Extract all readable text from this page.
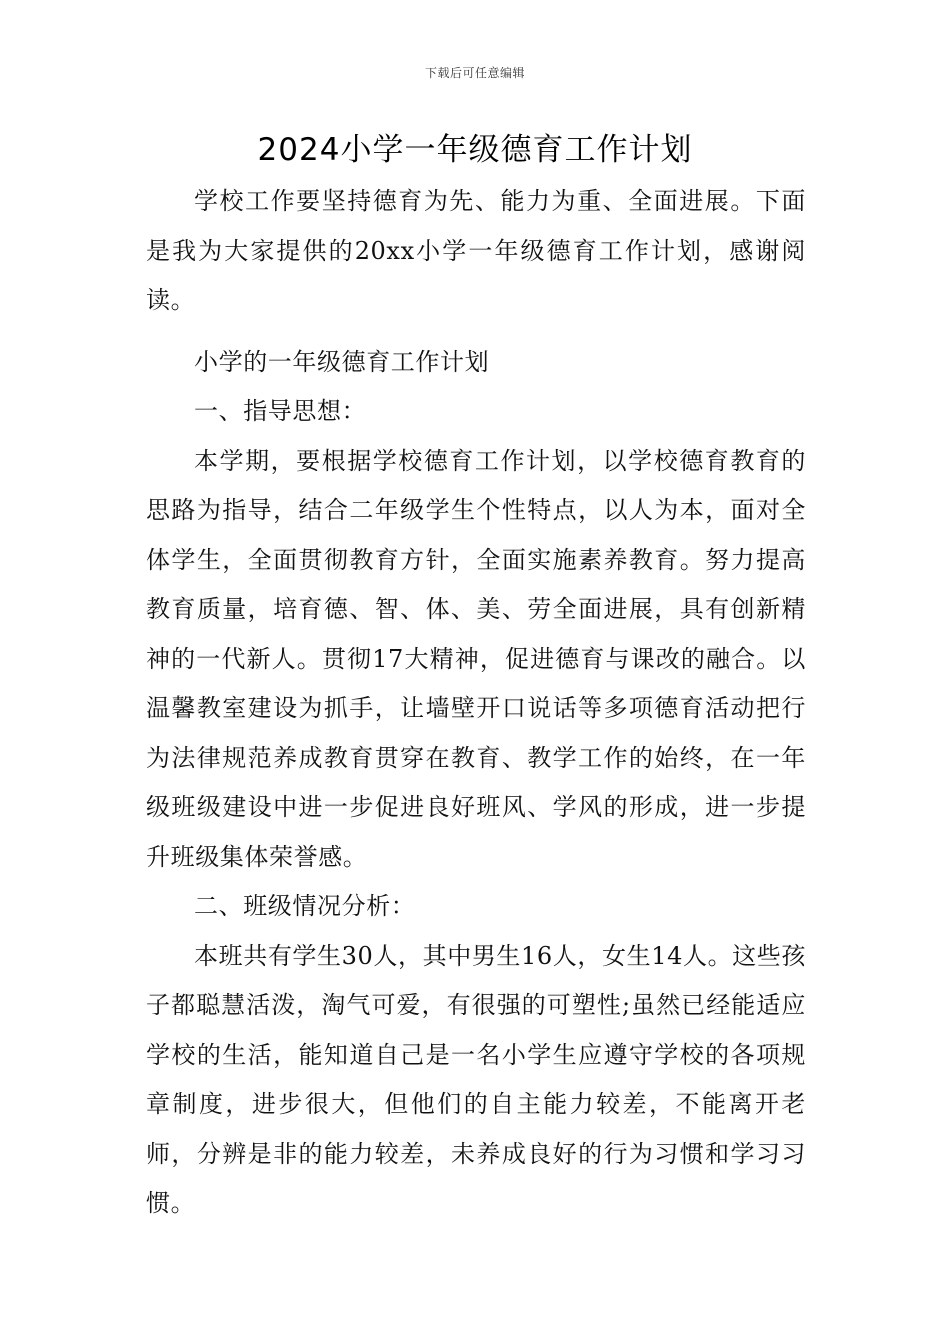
下载后可任意编辑
2024小学一年级德育工作计划

学校工作要坚持德育为先、能力为重、全面进展。下面是我为大家提供的20xx小学一年级德育工作计划，感谢阅读。

小学的一年级德育工作计划

一、指导思想：

本学期，要根据学校德育工作计划，以学校德育教育的思路为指导，结合二年级学生个性特点，以人为本，面对全体学生，全面贯彻教育方针，全面实施素养教育。努力提高教育质量，培育德、智、体、美、劳全面进展，具有创新精神的一代新人。贯彻17大精神，促进德育与课改的融合。以温馨教室建设为抓手，让墙壁开口说话等多项德育活动把行为法律规范养成教育贯穿在教育、教学工作的始终，在一年级班级建设中进一步促进良好班风、学风的形成，进一步提升班级集体荣誉感。

二、班级情况分析：

本班共有学生30人，其中男生16人，女生14人。这些孩子都聪慧活泼，淘气可爱，有很强的可塑性;虽然已经能适应学校的生活，能知道自己是一名小学生应遵守学校的各项规章制度，进步很大，但他们的自主能力较差，不能离开老师，分辨是非的能力较差，未养成良好的行为习惯和学习习惯。
